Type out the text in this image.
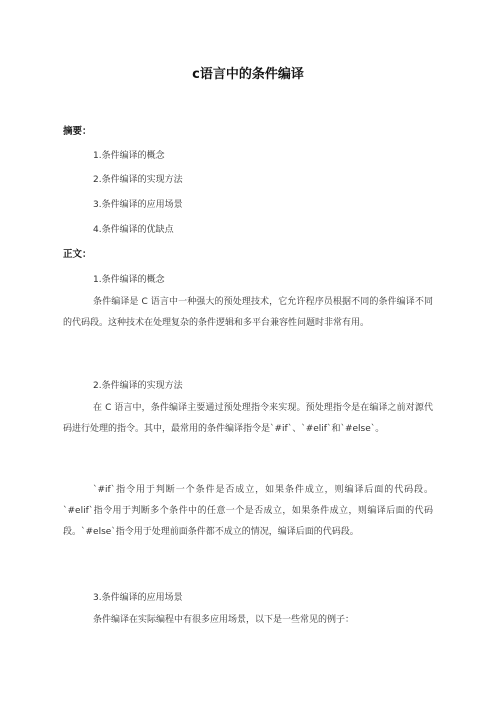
c语言中的条件编译
摘要：
1.条件编译的概念
2.条件编译的实现方法
3.条件编译的应用场景
4.条件编译的优缺点
正文：
1.条件编译的概念
条件编译是 C 语言中一种强大的预处理技术，它允许程序员根据不同的条件编译不同的代码段。这种技术在处理复杂的条件逻辑和多平台兼容性问题时非常有用。
2.条件编译的实现方法
在 C 语言中，条件编译主要通过预处理指令来实现。预处理指令是在编译之前对源代码进行处理的指令。其中，最常用的条件编译指令是`#if`、`#elif`和`#else`。
`#if`指令用于判断一个条件是否成立，如果条件成立，则编译后面的代码段。`#elif`指令用于判断多个条件中的任意一个是否成立，如果条件成立，则编译后面的代码段。`#else`指令用于处理前面条件都不成立的情况，编译后面的代码段。
3.条件编译的应用场景
条件编译在实际编程中有很多应用场景，以下是一些常见的例子：
